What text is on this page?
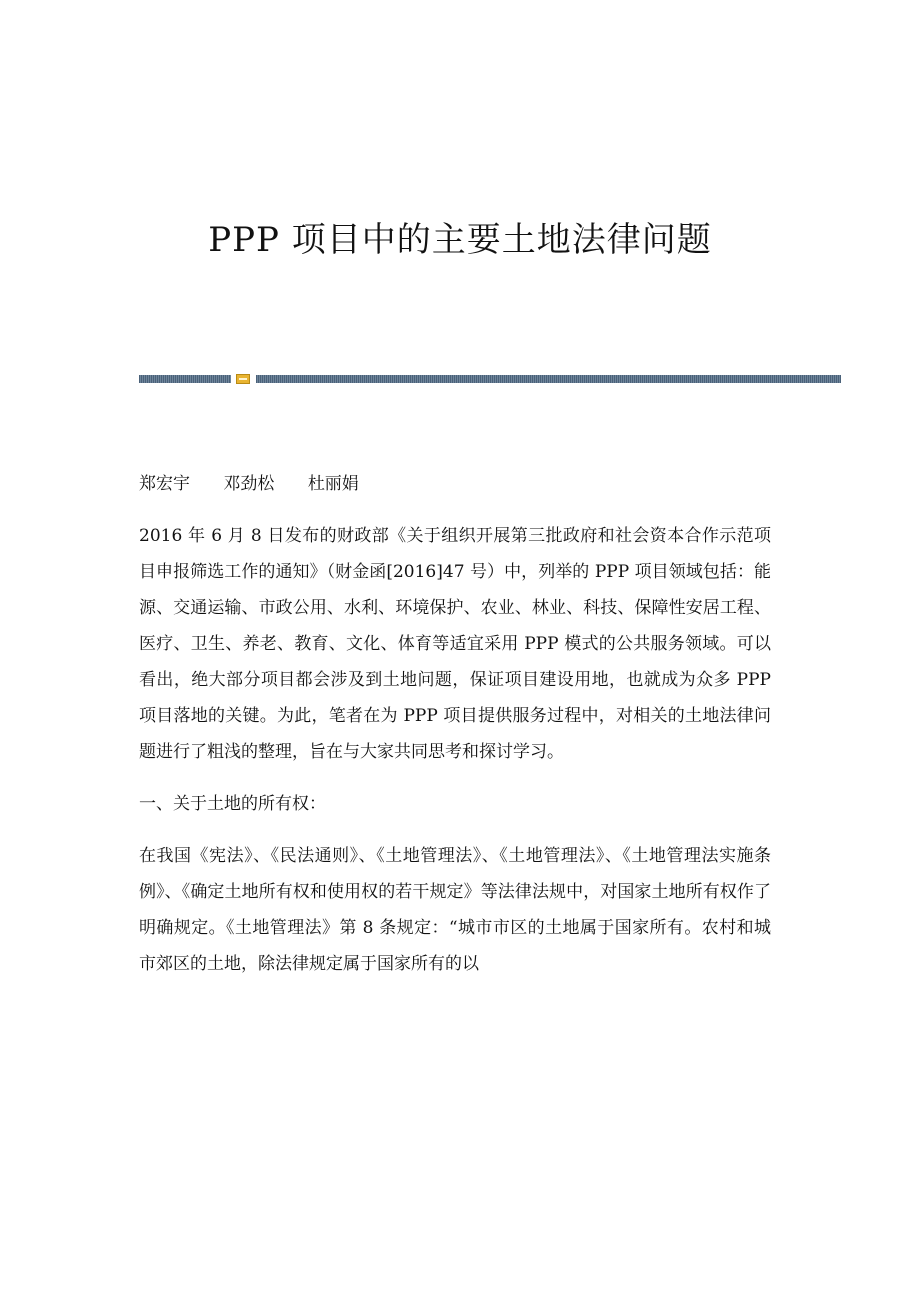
PPP 项目中的主要土地法律问题

郑宏宇 邓劲松 杜丽娟

2016 年 6 月 8 日发布的财政部《关于组织开展第三批政府和社会资本合作示范项目申报筛选工作的通知》（财金函[2016]47 号）中，列举的 PPP 项目领域包括：能源、交通运输、市政公用、水利、环境保护、农业、林业、科技、保障性安居工程、医疗、卫生、养老、教育、文化、体育等适宜采用 PPP 模式的公共服务领域。可以看出，绝大部分项目都会涉及到土地问题，保证项目建设用地，也就成为众多 PPP 项目落地的关键。为此，笔者在为 PPP 项目提供服务过程中，对相关的土地法律问题进行了粗浅的整理，旨在与大家共同思考和探讨学习。

一、关于土地的所有权：

在我国《宪法》、《民法通则》、《土地管理法》、《土地管理法》、《土地管理法实施条例》、《确定土地所有权和使用权的若干规定》等法律法规中，对国家土地所有权作了明确规定。《土地管理法》第 8 条规定：“城市市区的土地属于国家所有。农村和城市郊区的土地，除法律规定属于国家所有的以
